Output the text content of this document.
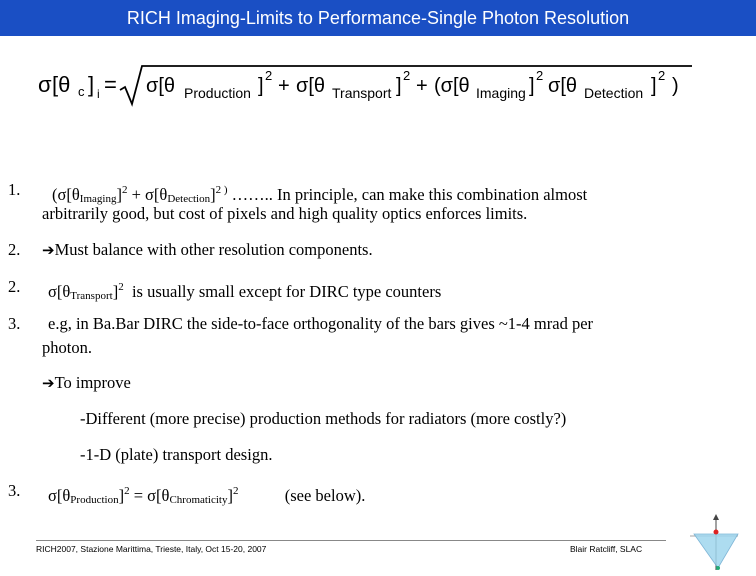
RICH Imaging-Limits to Performance-Single Photon Resolution
σ [θ c ] i = σ[θ Production ] 2 + σ[θ Transport ] 2 + (σ[θ Imaging ] 2 σ[θ Detection ] 2 )
1. (σ[θImaging]$^2$ + σ[θDetection]$^{2 )}$ …….. In principle, can make this combination almost
arbitrarily good, but cost of pixels and high quality optics enforces limits.
2. ➔Must balance with other resolution components.
2. σ[θTransport]$^2$ is usually small except for DIRC type counters
3. e.g, in Ba.Bar DIRC the side-to-face orthogonality of the bars gives ~1-4 mrad per
photon.
➔To improve
-Different (more precise) production methods for radiators (more costly?)
-1-D (plate) transport design.
3. σ[θProduction]$^2$ = σ[θChromaticity]$^2$	(see below).
RICH2007, Stazione Marittima, Trieste, Italy, Oct 15-20, 2007	Blair Ratcliff, SLAC
